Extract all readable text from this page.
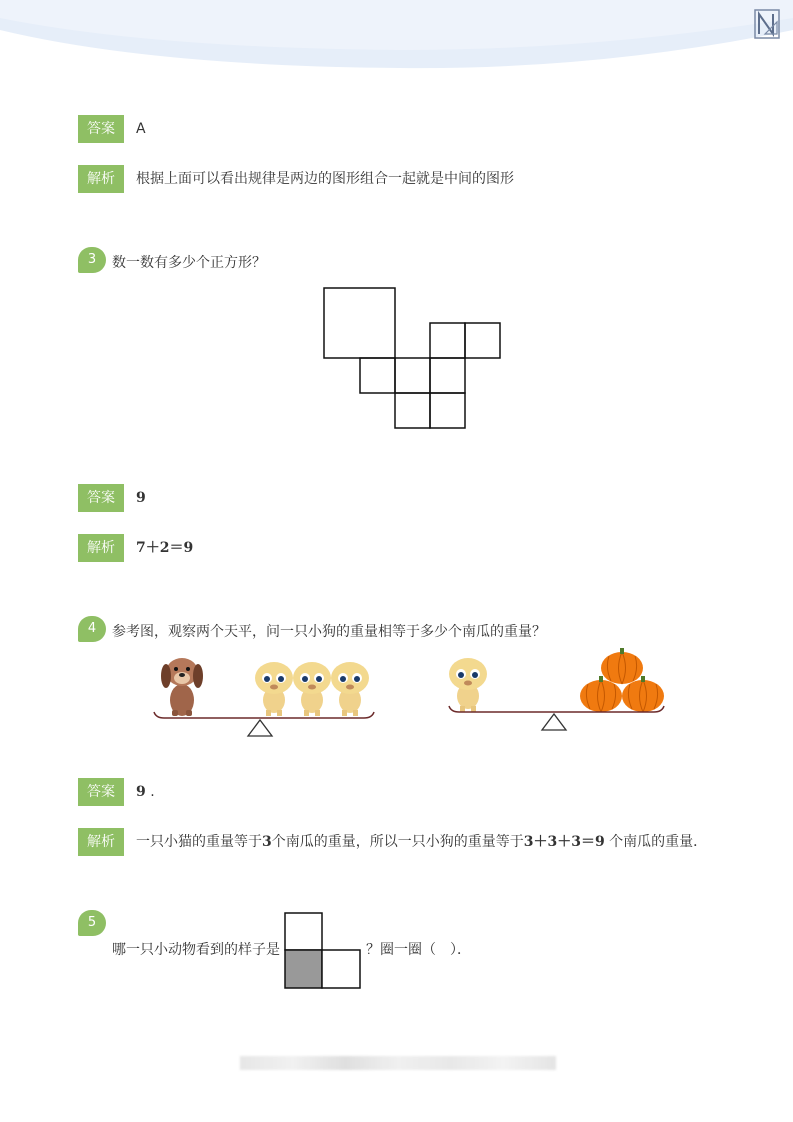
答案	A
解析	根据上面可以看出规律是两边的图形组合一起就是中间的图形
3	数一数有多少个正方形？
答案	9
解析	7＋2＝9
4	参考图，观察两个天平，问一只小狗的重量相等于多少个南瓜的重量？
答案	9 .
解析	一只小猫的重量等于3个南瓜的重量，所以一只小狗的重量等于3＋3＋3＝9 个南瓜的重量．
5
哪一只小动物看到的样子是	？圈一圈（　）．
